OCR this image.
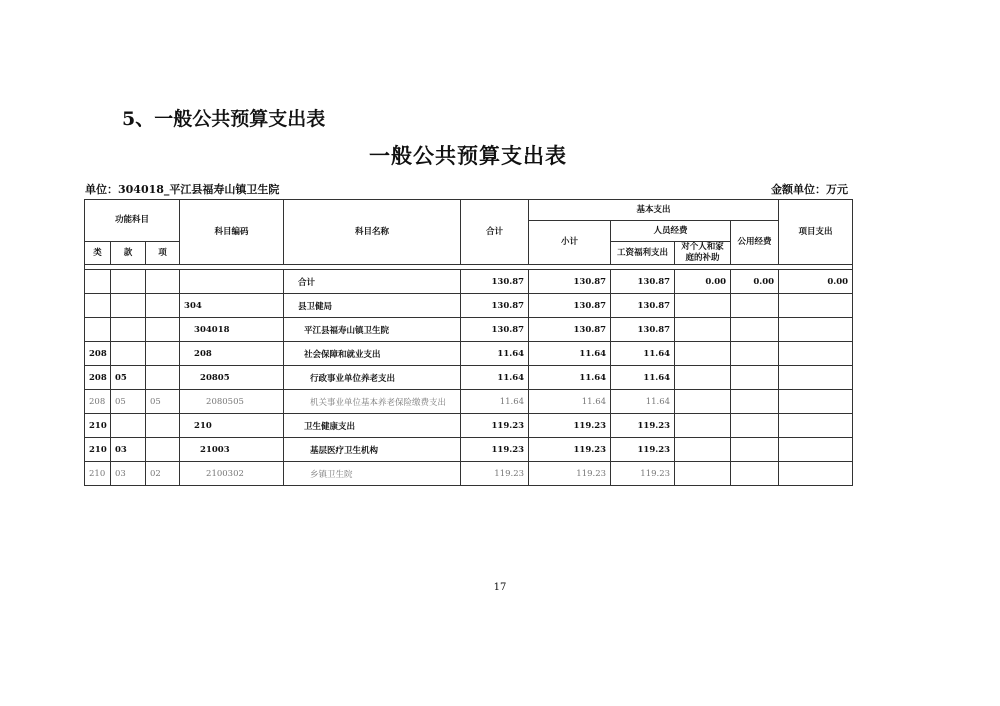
5、一般公共预算支出表
一般公共预算支出表
单位：304018_平江县福寿山镇卫生院	金额单位：万元
功能科目			科目编码	科目名称	合计	基本支出				项目支出
						小计	人员经费		公用经费	
类	款	项					工资福利支出	对个人和家庭的补助		

				合计	130.87	130.87	130.87	0.00	0.00	0.00
			304	县卫健局	130.87	130.87	130.87			
			304018	平江县福寿山镇卫生院	130.87	130.87	130.87			
208			208	社会保障和就业支出	11.64	11.64	11.64			
208	05		20805	行政事业单位养老支出	11.64	11.64	11.64			
208	05	05	2080505	机关事业单位基本养老保险缴费支出	11.64	11.64	11.64			
210			210	卫生健康支出	119.23	119.23	119.23			
210	03		21003	基层医疗卫生机构	119.23	119.23	119.23			
210	03	02	2100302	乡镇卫生院	119.23	119.23	119.23			
17
